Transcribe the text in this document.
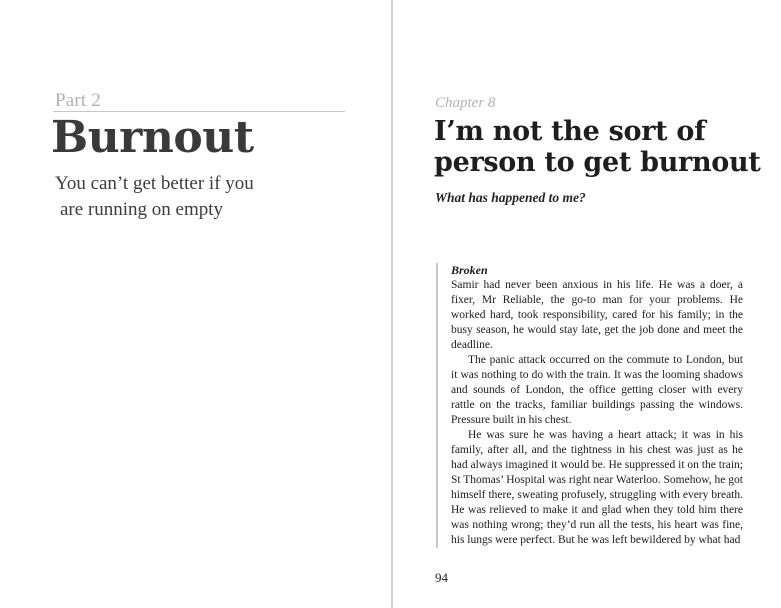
Part 2
Burnout
You can’t get better if you
are running on empty
Chapter 8
I’m not the sort of
person to get burnout
What has happened to me?
Broken

Samir had never been anxious in his life. He was a doer, a fixer, Mr Reliable, the go-to man for your problems. He worked hard, took responsibility, cared for his family; in the busy season, he would stay late, get the job done and meet the deadline.

The panic attack occurred on the commute to London, but it was nothing to do with the train. It was the looming shadows and sounds of London, the office getting closer with every rattle on the tracks, familiar buildings passing the windows. Pressure built in his chest.

He was sure he was having a heart attack; it was in his family, after all, and the tightness in his chest was just as he had always imagined it would be. He suppressed it on the train; St Thomas’ Hospital was right near Waterloo. Somehow, he got himself there, sweating profusely, struggling with every breath. He was relieved to make it and glad when they told him there was nothing wrong; they’d run all the tests, his heart was fine, his lungs were perfect. But he was left bewildered by what had

94
